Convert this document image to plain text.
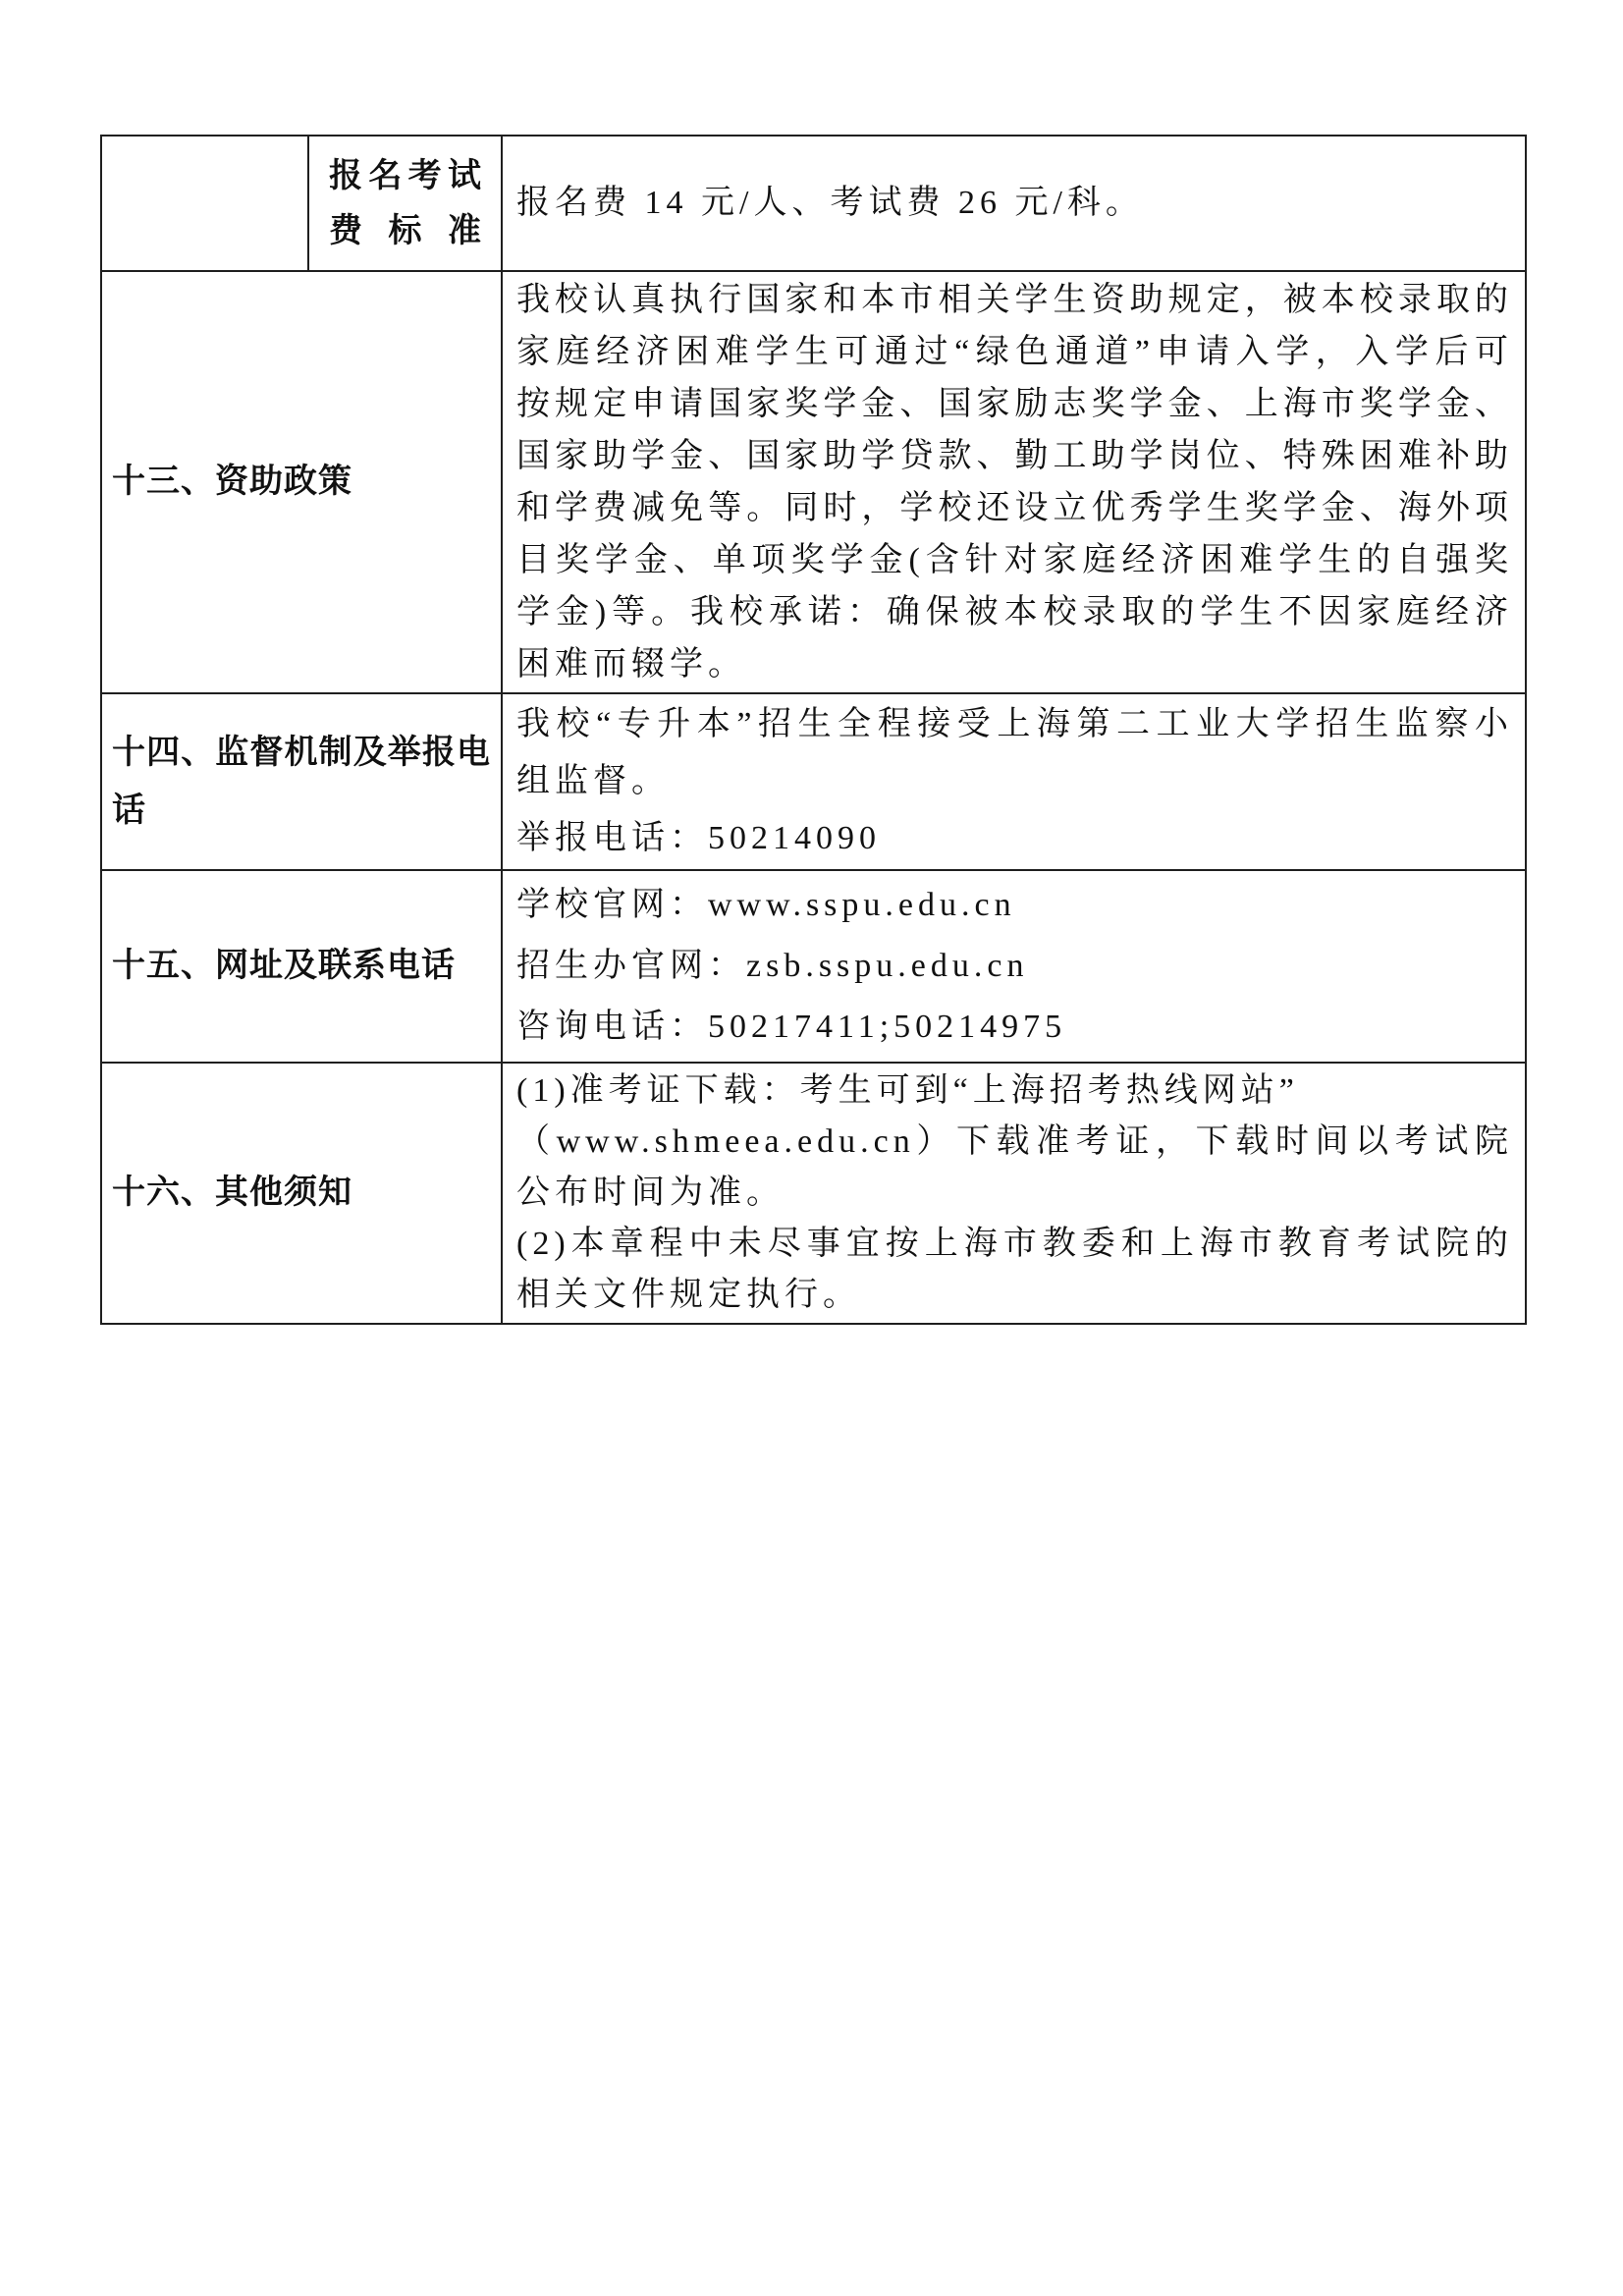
	报名考试费标准	报名费 14 元/人、考试费 26 元/科。

十三、资助政策		我校认真执行国家和本市相关学生资助规定，被本校录取的家庭经济困难学生可通过“绿色通道”申请入学，入学后可按规定申请国家奖学金、国家励志奖学金、上海市奖学金、国家助学金、国家助学贷款、勤工助学岗位、特殊困难补助和学费减免等。同时，学校还设立优秀学生奖学金、海外项目奖学金、单项奖学金(含针对家庭经济困难学生的自强奖学金)等。我校承诺：确保被本校录取的学生不因家庭经济困难而辍学。

十四、监督机制及举报电话		我校“专升本”招生全程接受上海第二工业大学招生监察小组监督。

举报电话：50214090

十五、网址及联系电话		学校官网：www.sspu.edu.cn

招生办官网：zsb.sspu.edu.cn

咨询电话：50217411;50214975

十六、其他须知		(1)准考证下载：考生可到“上海招考热线网站”

（www.shmeea.edu.cn）下载准考证，下载时间以考试院公布时间为准。

(2)本章程中未尽事宜按上海市教委和上海市教育考试院的相关文件规定执行。
